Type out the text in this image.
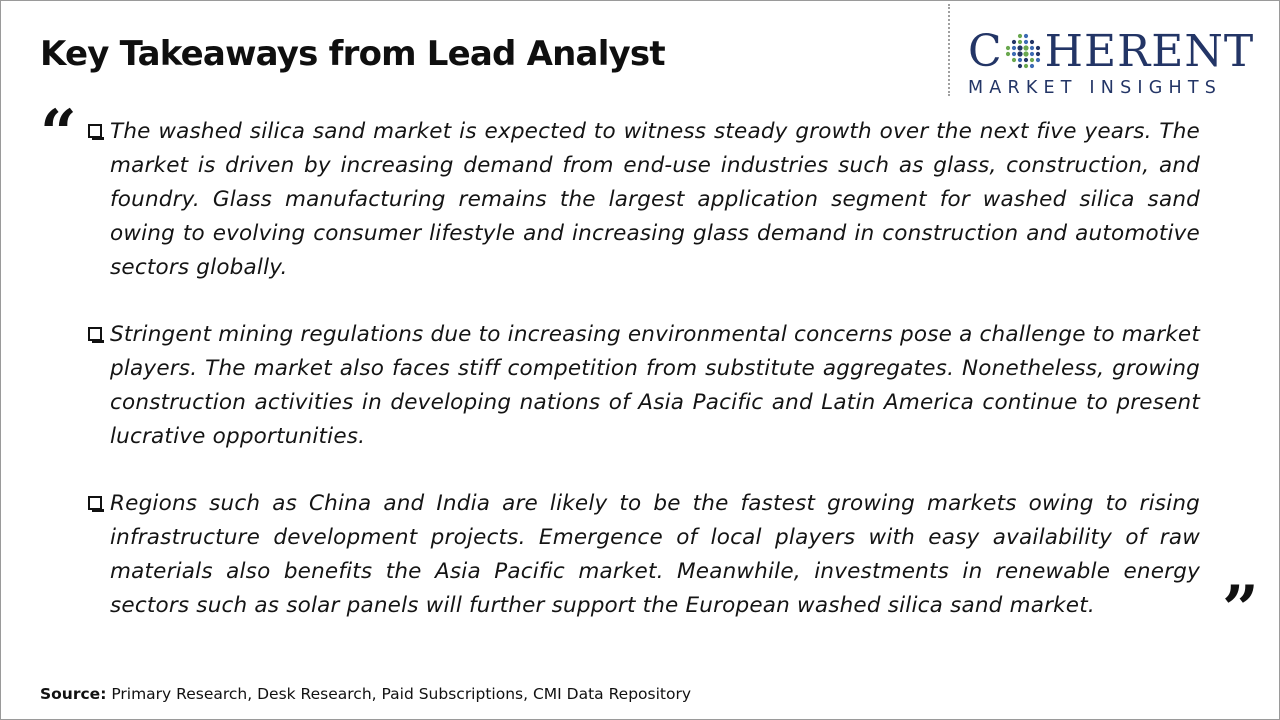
Key Takeaways from Lead Analyst	C HERENT
MARKET INSIGHTS
“	The washed silica sand market is expected to witness steady growth over the next five years. The market is driven by increasing demand from end-use industries such as glass, construction, and foundry. Glass manufacturing remains the largest application segment for washed silica sand owing to evolving consumer lifestyle and increasing glass demand in construction and automotive sectors globally.
Stringent mining regulations due to increasing environmental concerns pose a challenge to market players. The market also faces stiff competition from substitute aggregates. Nonetheless, growing construction activities in developing nations of Asia Pacific and Latin America continue to present lucrative opportunities.
Regions such as China and India are likely to be the fastest growing markets owing to rising infrastructure development projects. Emergence of local players with easy availability of raw materials also benefits the Asia Pacific market. Meanwhile, investments in renewable energy sectors such as solar panels will further support the European washed silica sand market.	”
Source: Primary Research, Desk Research, Paid Subscriptions, CMI Data Repository
